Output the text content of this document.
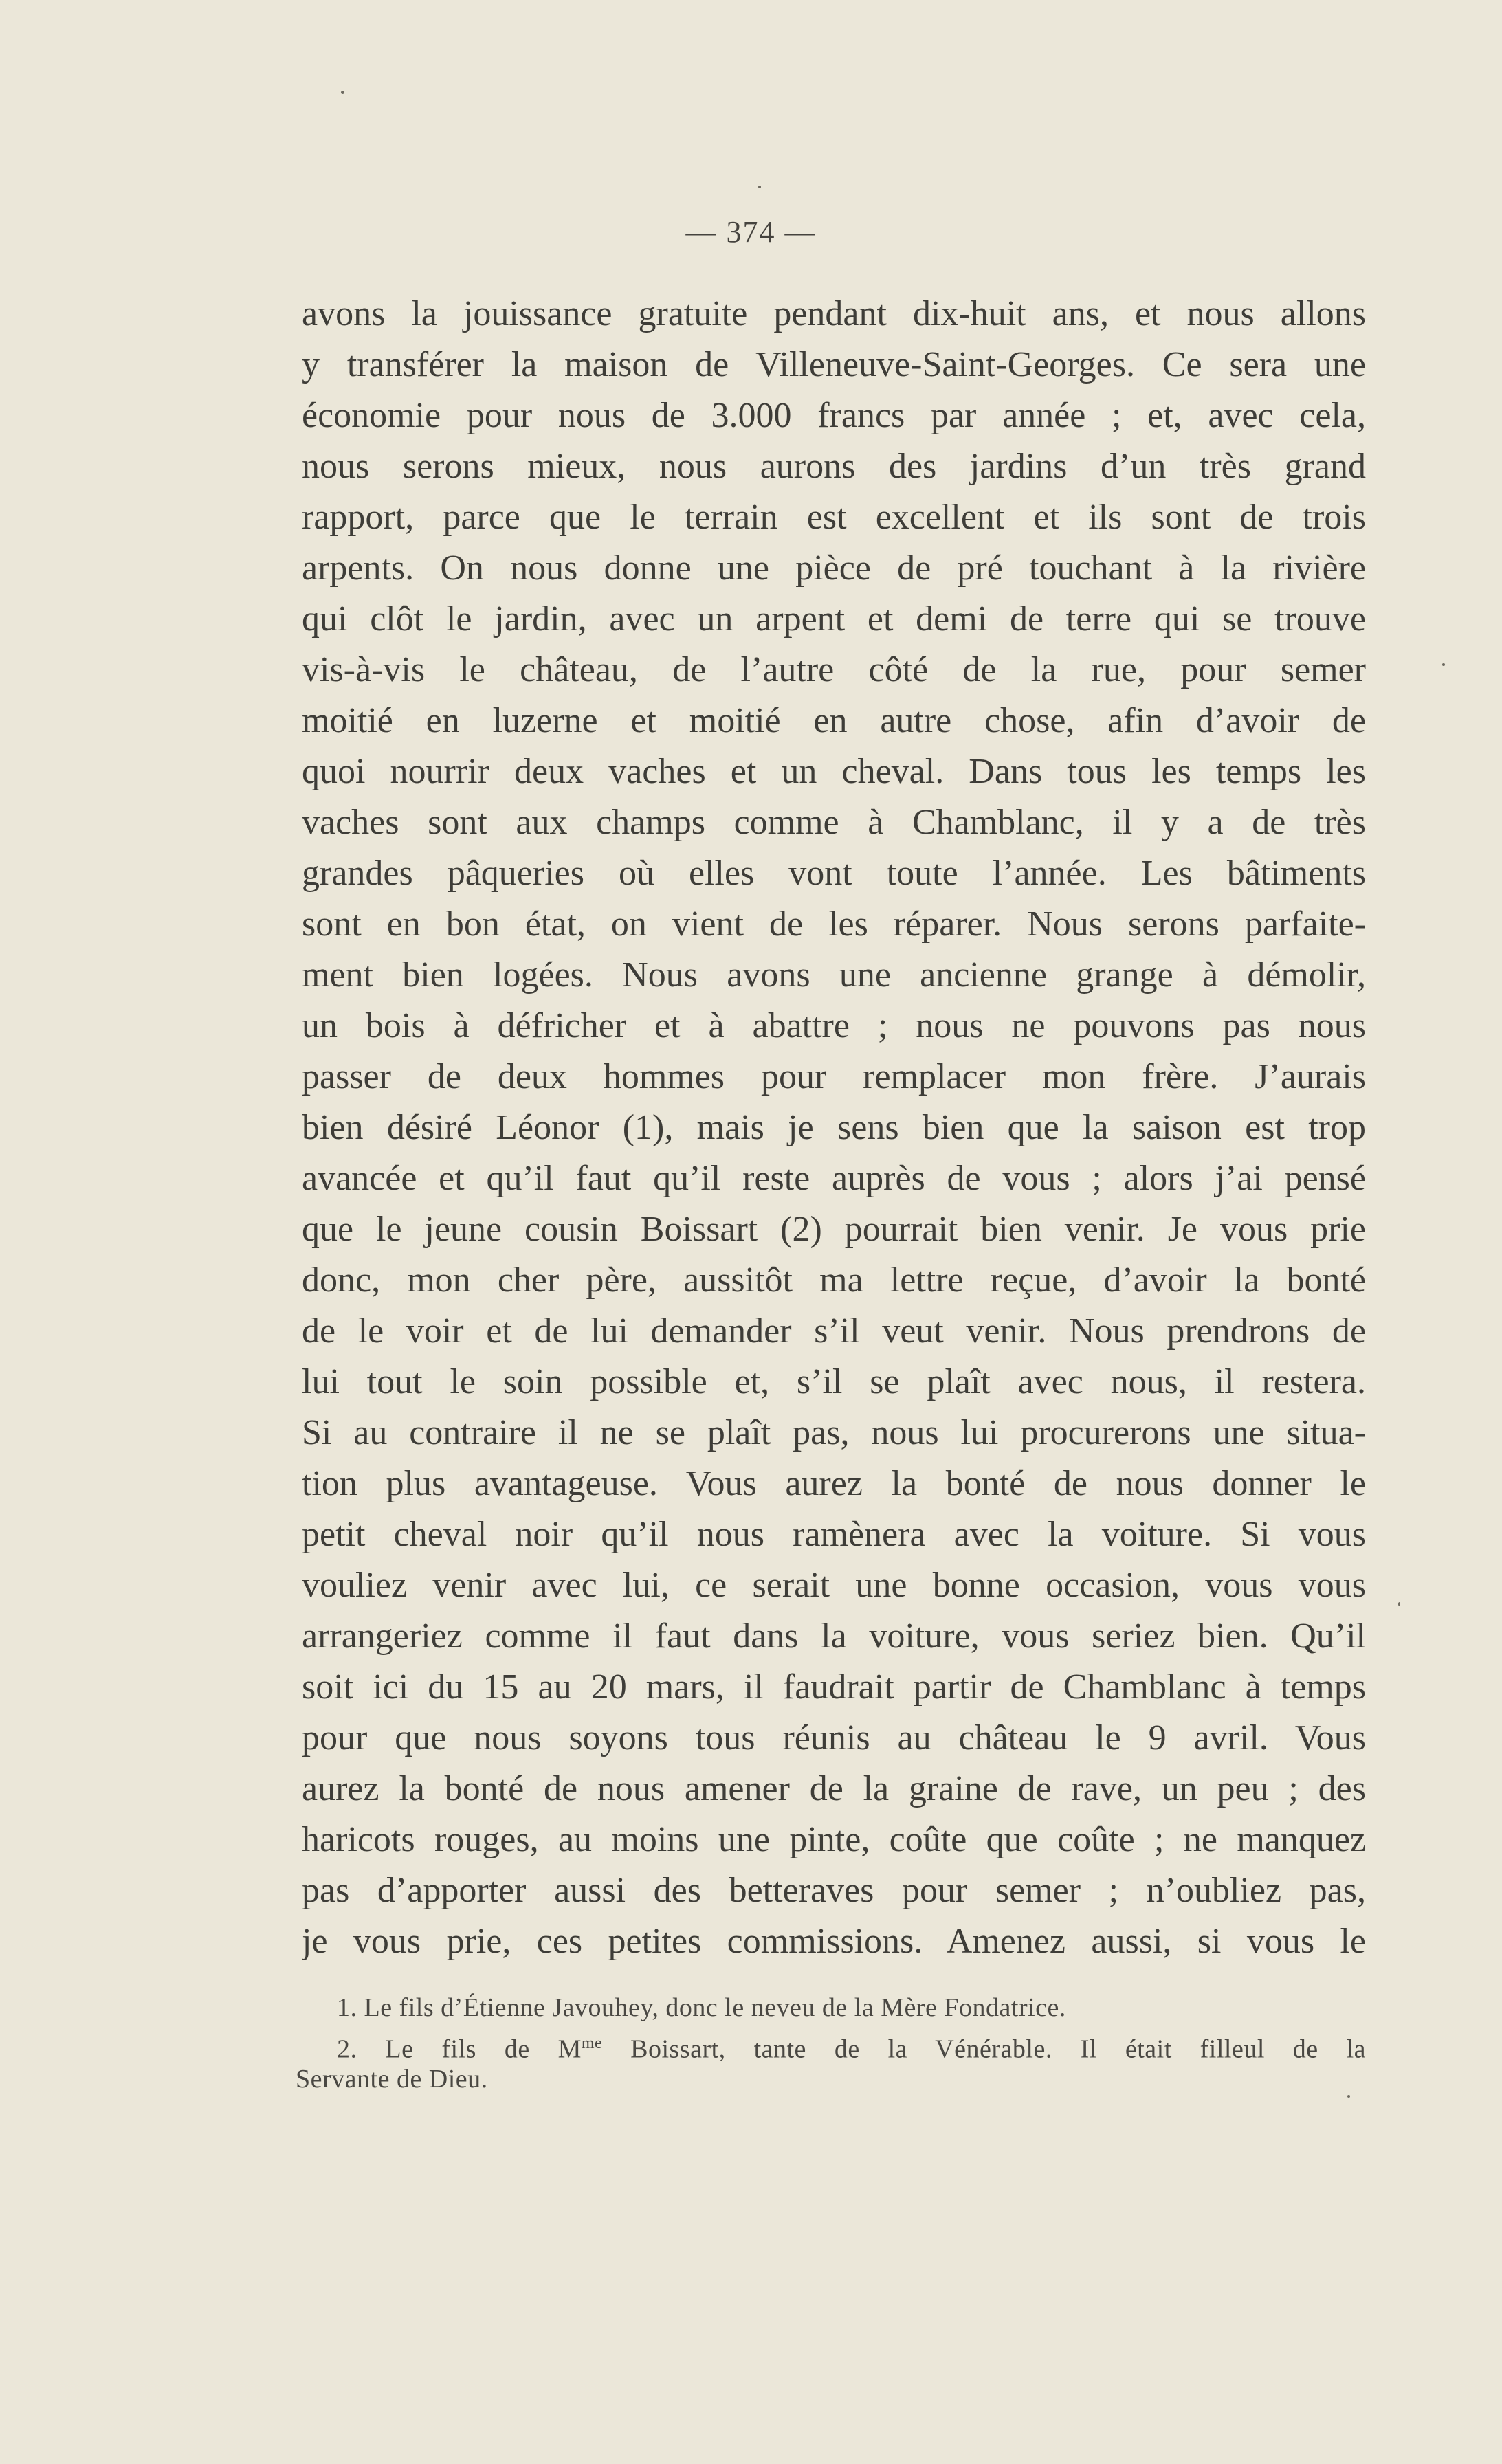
— 374 —
avons la jouissance gratuite pendant dix-huit ans, et nous allons
y transférer la maison de Villeneuve-Saint-Georges. Ce sera une
économie pour nous de 3.000 francs par année ; et, avec cela,
nous serons mieux, nous aurons des jardins d’un très grand
rapport, parce que le terrain est excellent et ils sont de trois
arpents. On nous donne une pièce de pré touchant à la rivière
qui clôt le jardin, avec un arpent et demi de terre qui se trouve
vis-à-vis le château, de l’autre côté de la rue, pour semer
moitié en luzerne et moitié en autre chose, afin d’avoir de
quoi nourrir deux vaches et un cheval. Dans tous les temps les
vaches sont aux champs comme à Chamblanc, il y a de très
grandes pâqueries où elles vont toute l’année. Les bâtiments
sont en bon état, on vient de les réparer. Nous serons parfaite-
ment bien logées. Nous avons une ancienne grange à démolir,
un bois à défricher et à abattre ; nous ne pouvons pas nous
passer de deux hommes pour remplacer mon frère. J’aurais
bien désiré Léonor (1), mais je sens bien que la saison est trop
avancée et qu’il faut qu’il reste auprès de vous ; alors j’ai pensé
que le jeune cousin Boissart (2) pourrait bien venir. Je vous prie
donc, mon cher père, aussitôt ma lettre reçue, d’avoir la bonté
de le voir et de lui demander s’il veut venir. Nous prendrons de
lui tout le soin possible et, s’il se plaît avec nous, il restera.
Si au contraire il ne se plaît pas, nous lui procurerons une situa-
tion plus avantageuse. Vous aurez la bonté de nous donner le
petit cheval noir qu’il nous ramènera avec la voiture. Si vous
vouliez venir avec lui, ce serait une bonne occasion, vous vous
arrangeriez comme il faut dans la voiture, vous seriez bien. Qu’il
soit ici du 15 au 20 mars, il faudrait partir de Chamblanc à temps
pour que nous soyons tous réunis au château le 9 avril. Vous
aurez la bonté de nous amener de la graine de rave, un peu ; des
haricots rouges, au moins une pinte, coûte que coûte ; ne manquez
pas d’apporter aussi des betteraves pour semer ; n’oubliez pas,
je vous prie, ces petites commissions. Amenez aussi, si vous le
1. Le fils d’Étienne Javouhey, donc le neveu de la Mère Fondatrice.
2. Le fils de $M^{me}$ Boissart, tante de la Vénérable. Il était filleul de la
Servante de Dieu.
